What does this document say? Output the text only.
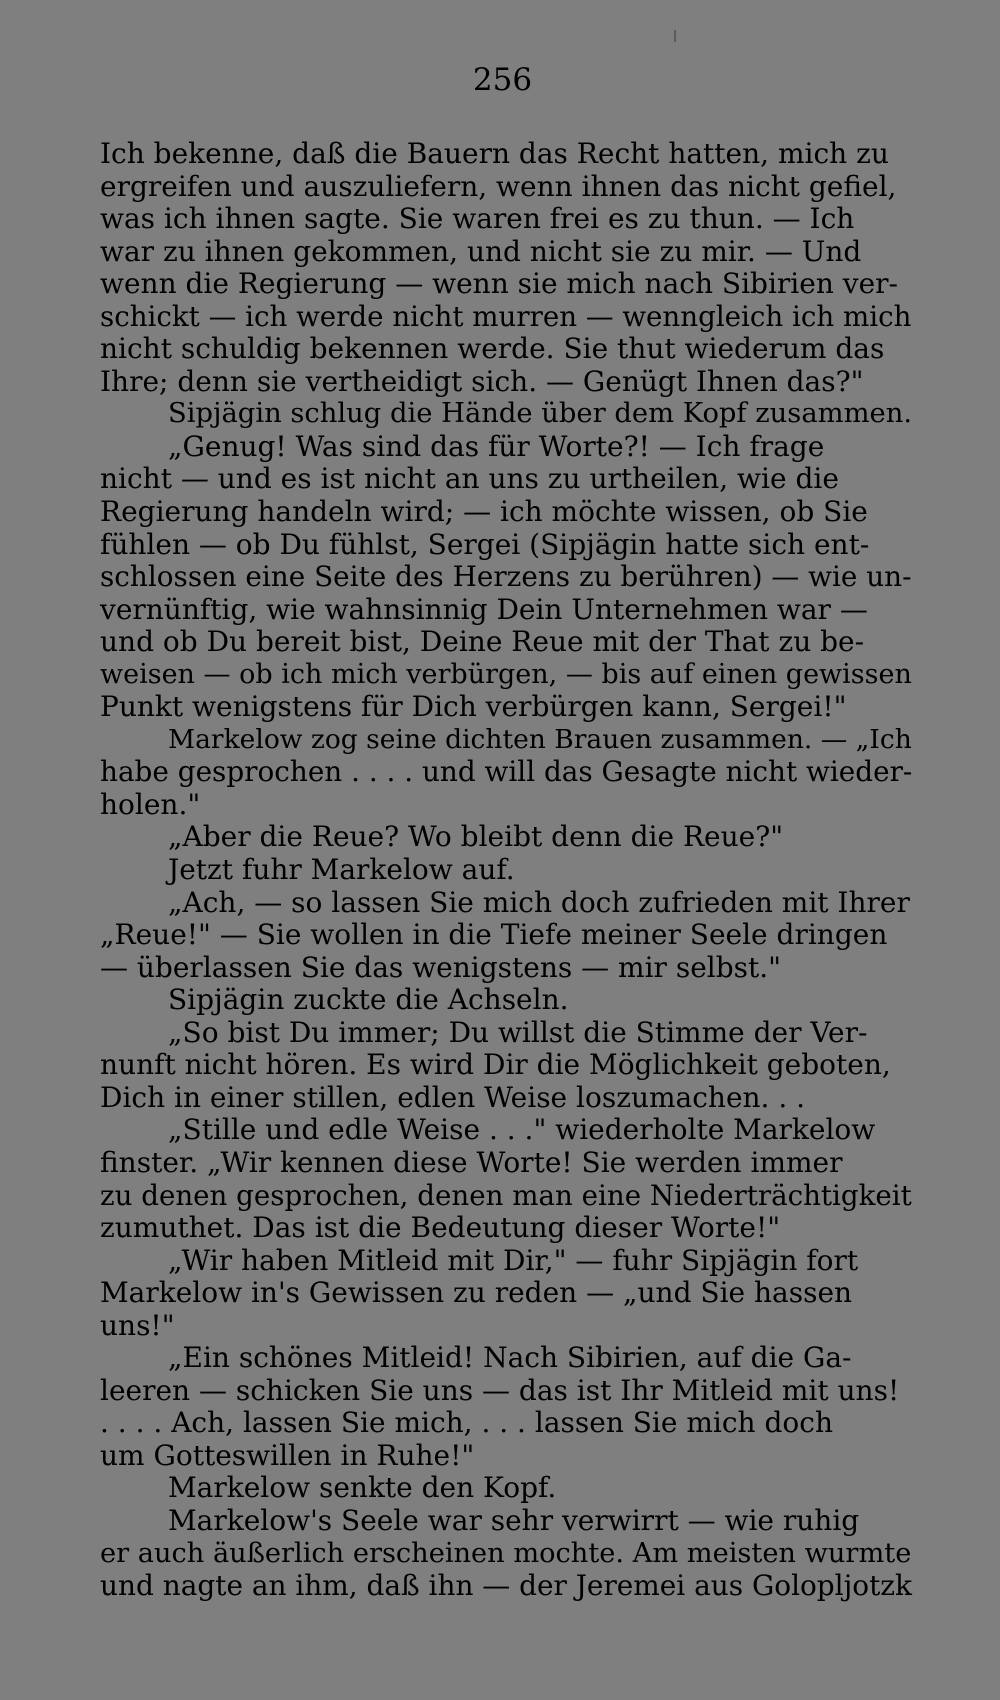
256
Ich bekenne, daß die Bauern das Recht hatten, mich zu
ergreifen und auszuliefern, wenn ihnen das nicht gefiel,
was ich ihnen sagte. Sie waren frei es zu thun. — Ich
war zu ihnen gekommen, und nicht sie zu mir. — Und
wenn die Regierung — wenn sie mich nach Sibirien ver-
schickt — ich werde nicht murren — wenngleich ich mich
nicht schuldig bekennen werde. Sie thut wiederum das
Ihre; denn sie vertheidigt sich. — Genügt Ihnen das?"
Sipjägin schlug die Hände über dem Kopf zusammen.
„Genug! Was sind das für Worte?! — Ich frage
nicht — und es ist nicht an uns zu urtheilen, wie die
Regierung handeln wird; — ich möchte wissen, ob Sie
fühlen — ob Du fühlst, Sergei (Sipjägin hatte sich ent-
schlossen eine Seite des Herzens zu berühren) — wie un-
vernünftig, wie wahnsinnig Dein Unternehmen war —
und ob Du bereit bist, Deine Reue mit der That zu be-
weisen — ob ich mich verbürgen, — bis auf einen gewissen
Punkt wenigstens für Dich verbürgen kann, Sergei!"
Markelow zog seine dichten Brauen zusammen. — „Ich
habe gesprochen . . . . und will das Gesagte nicht wieder-
holen."
„Aber die Reue? Wo bleibt denn die Reue?"
Jetzt fuhr Markelow auf.
„Ach, — so lassen Sie mich doch zufrieden mit Ihrer
„Reue!" — Sie wollen in die Tiefe meiner Seele dringen
— überlassen Sie das wenigstens — mir selbst."
Sipjägin zuckte die Achseln.
„So bist Du immer; Du willst die Stimme der Ver-
nunft nicht hören. Es wird Dir die Möglichkeit geboten,
Dich in einer stillen, edlen Weise loszumachen. . .
„Stille und edle Weise . . ." wiederholte Markelow
finster. „Wir kennen diese Worte! Sie werden immer
zu denen gesprochen, denen man eine Niederträchtigkeit
zumuthet. Das ist die Bedeutung dieser Worte!"
„Wir haben Mitleid mit Dir," — fuhr Sipjägin fort
Markelow in's Gewissen zu reden — „und Sie hassen
uns!"
„Ein schönes Mitleid! Nach Sibirien, auf die Ga-
leeren — schicken Sie uns — das ist Ihr Mitleid mit uns!
. . . . Ach, lassen Sie mich, . . . lassen Sie mich doch
um Gotteswillen in Ruhe!"
Markelow senkte den Kopf.
Markelow's Seele war sehr verwirrt — wie ruhig
er auch äußerlich erscheinen mochte. Am meisten wurmte
und nagte an ihm, daß ihn — der Jeremei aus Golopljotzk
